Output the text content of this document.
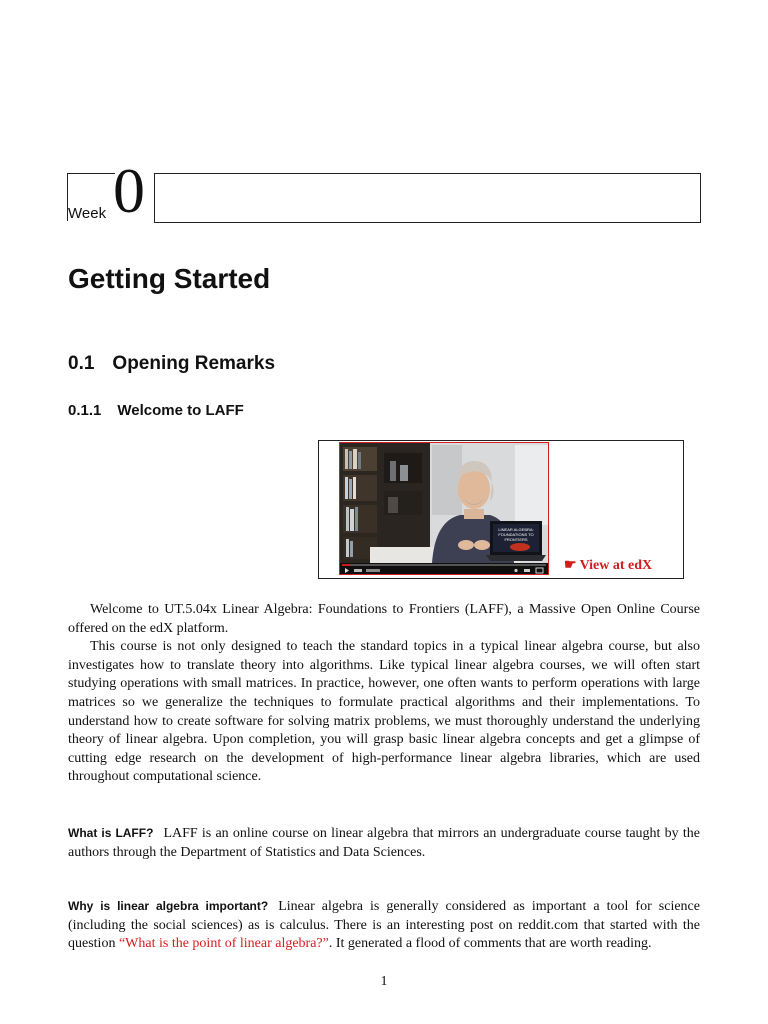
Week 0
Getting Started
0.1 Opening Remarks
0.1.1 Welcome to LAFF
LINEAR ALGEBRA:
FOUNDATIONS TO
FRONTIERS
☛ View at edX

Welcome to UT.5.04x Linear Algebra: Foundations to Frontiers (LAFF), a Massive Open Online Course offered on the edX platform.

This course is not only designed to teach the standard topics in a typical linear algebra course, but also investigates how to translate theory into algorithms. Like typical linear algebra courses, we will often start studying operations with small matrices. In practice, however, one often wants to perform operations with large matrices so we generalize the techniques to formulate practical algorithms and their implementations. To understand how to create software for solving matrix problems, we must thoroughly understand the underlying theory of linear algebra. Upon completion, you will grasp basic linear algebra concepts and get a glimpse of cutting edge research on the development of high-performance linear algebra libraries, which are used throughout computational science.

What is LAFF? LAFF is an online course on linear algebra that mirrors an undergraduate course taught by the authors through the Department of Statistics and Data Sciences.
Why is linear algebra important? Linear algebra is generally considered as important a tool for science (including the social sciences) as is calculus. There is an interesting post on reddit.com that started with the question “What is the point of linear algebra?”. It generated a flood of comments that are worth reading.
1
